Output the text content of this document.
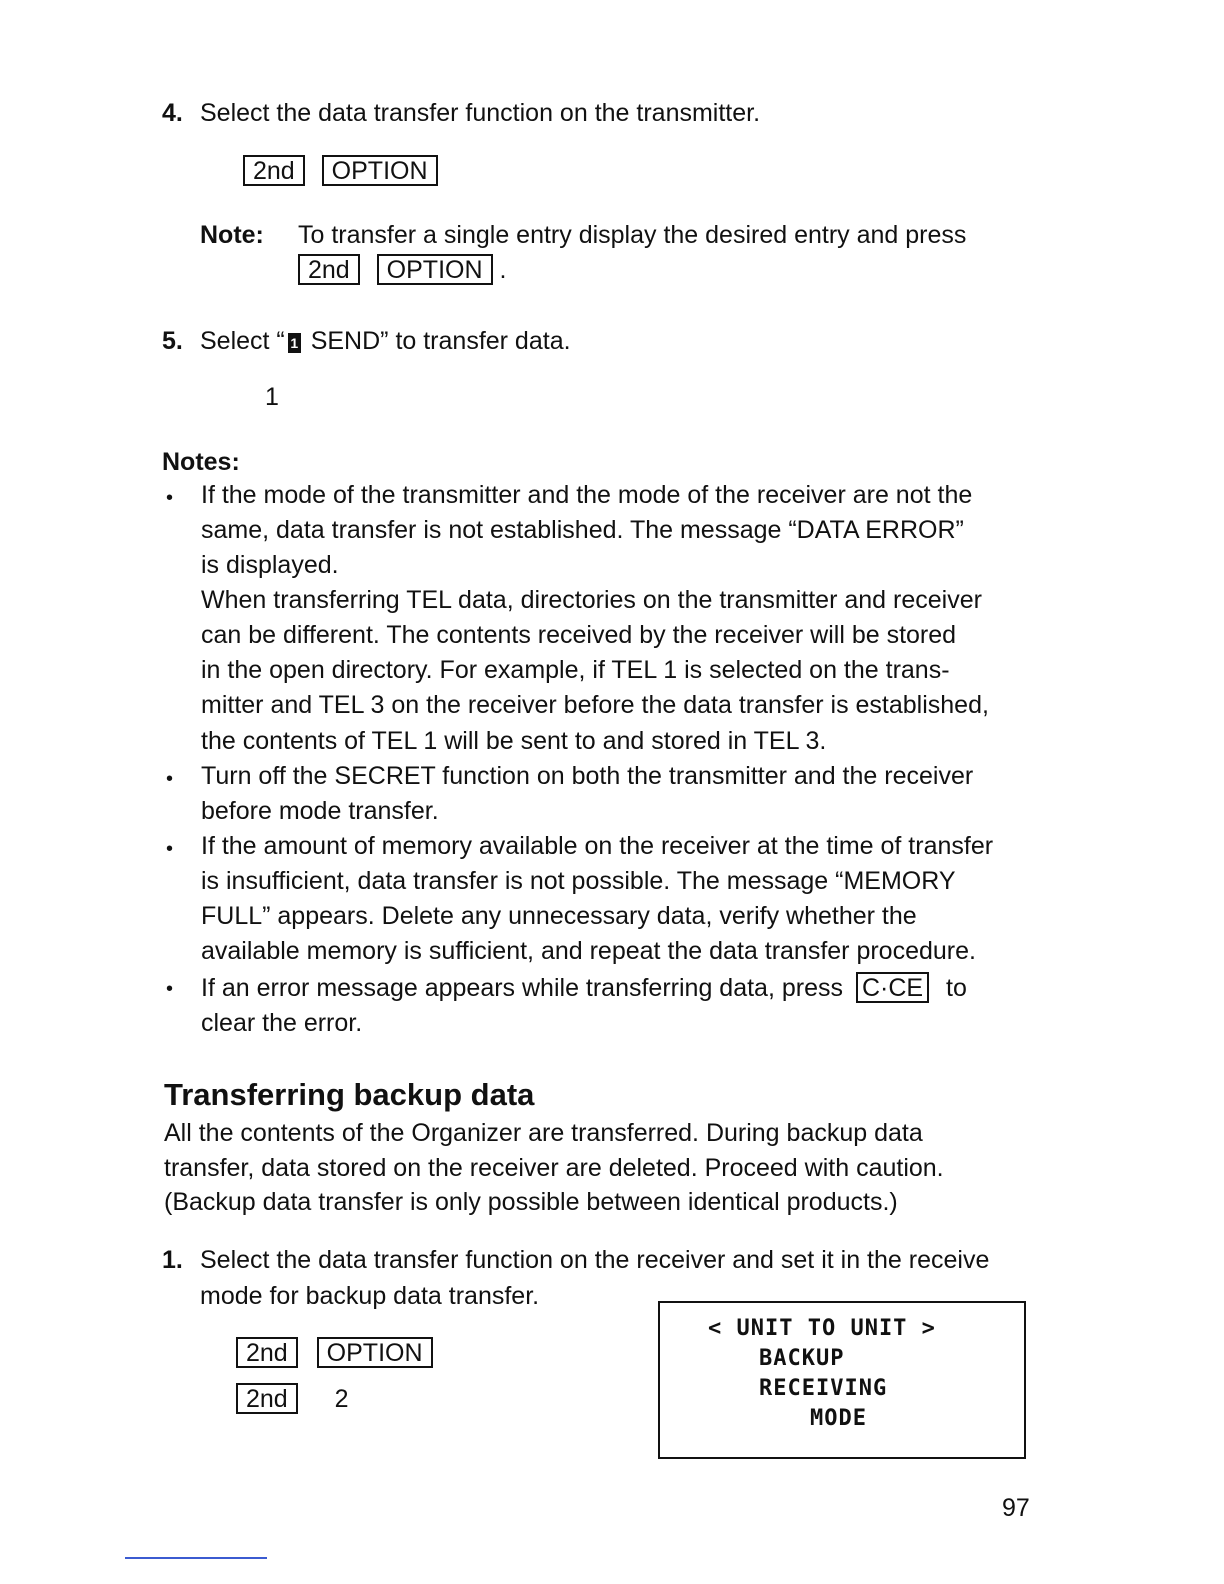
4. Select the data transfer function on the transmitter.
2nd OPTION
Note: To transfer a single entry display the desired entry and press
2nd OPTION .
5. Select “ 1 SEND” to transfer data.
1
Notes:
• If the mode of the transmitter and the mode of the receiver are not the
same, data transfer is not established. The message “DATA ERROR”
is displayed.
When transferring TEL data, directories on the transmitter and receiver
can be different. The contents received by the receiver will be stored
in the open directory. For example, if TEL 1 is selected on the trans-
mitter and TEL 3 on the receiver before the data transfer is established,
the contents of TEL 1 will be sent to and stored in TEL 3.
• Turn off the SECRET function on both the transmitter and the receiver
before mode transfer.
• If the amount of memory available on the receiver at the time of transfer
is insufficient, data transfer is not possible. The message “MEMORY
FULL” appears. Delete any unnecessary data, verify whether the
available memory is sufficient, and repeat the data transfer procedure.
• If an error message appears while transferring data, press C·CE to
clear the error.
Transferring backup data
All the contents of the Organizer are transferred. During backup data
transfer, data stored on the receiver are deleted. Proceed with caution.
(Backup data transfer is only possible between identical products.)
1. Select the data transfer function on the receiver and set it in the receive
mode for backup data transfer.
2nd OPTION
2nd 2
< UNIT TO UNIT >
BACKUP
RECEIVING
MODE
97
